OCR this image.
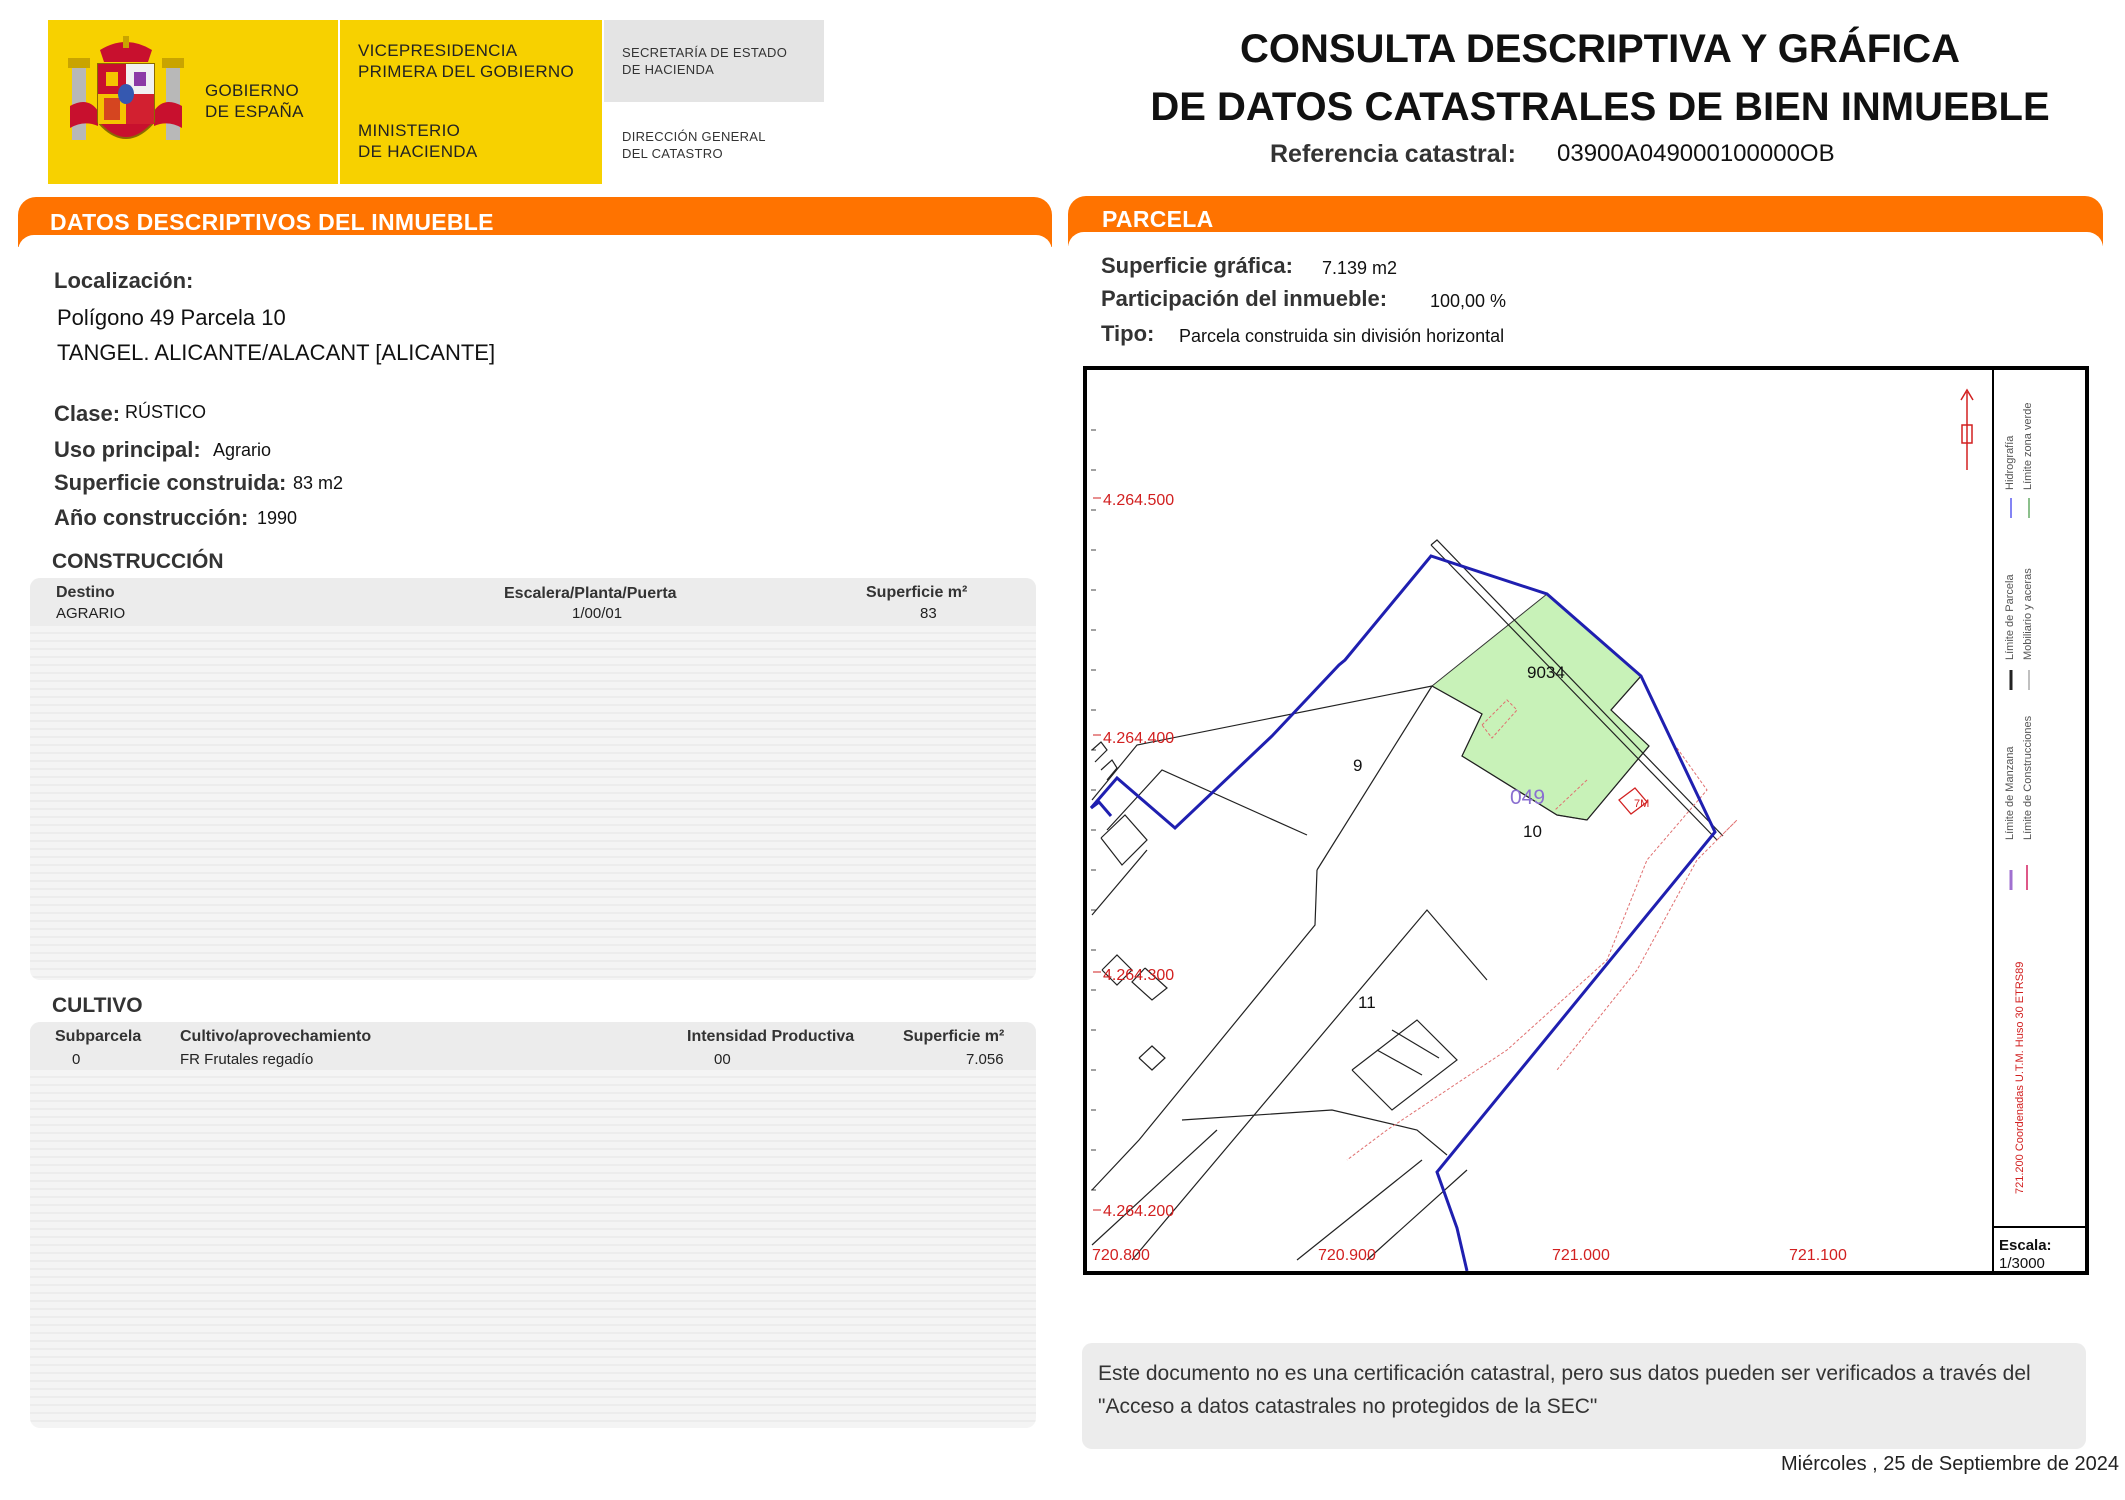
GOBIERNO
DE ESPAÑA
VICEPRESIDENCIA
PRIMERA DEL GOBIERNO
MINISTERIO
DE HACIENDA
SECRETARÍA DE ESTADO
DE HACIENDA
DIRECCIÓN GENERAL
DEL CATASTRO
CONSULTA DESCRIPTIVA Y GRÁFICA
DE DATOS CATASTRALES DE BIEN INMUEBLE
Referencia catastral: 03900A049000100000OB
DATOS DESCRIPTIVOS DEL INMUEBLE
Localización:
Polígono 49 Parcela 10
TANGEL. ALICANTE/ALACANT [ALICANTE]
Clase: RÚSTICO
Uso principal: Agrario
Superficie construida: 83 m2
Año construcción: 1990
CONSTRUCCIÓN
Destino	Escalera/Planta/Puerta	Superficie m²
AGRARIO	1/00/01	83
CULTIVO
Subparcela Cultivo/aprovechamiento	Intensidad Productiva	Superficie m²
0	FR Frutales regadío	00	7.056
PARCELA
Superficie gráfica: 7.139 m2
Participación del inmueble: 100,00 %
Tipo: Parcela construida sin división horizontal
4.264.500
4.264.400
4.264.300
4.264.200
720.800	720.900	721.000	721.100
049
9
10
11
9034
7M	Límite de Manzana
Límite de Parcela
Límite de Construcciones
Mobiliario y aceras
Límite zona verde
Hidrografía
721.200 Coordenadas U.T.M. Huso 30 ETRS89
Escala:
1/3000
Este documento no es una certificación catastral, pero sus datos pueden ser verificados a través del "Acceso a datos catastrales no protegidos de la SEC"
Miércoles , 25 de Septiembre de 2024
